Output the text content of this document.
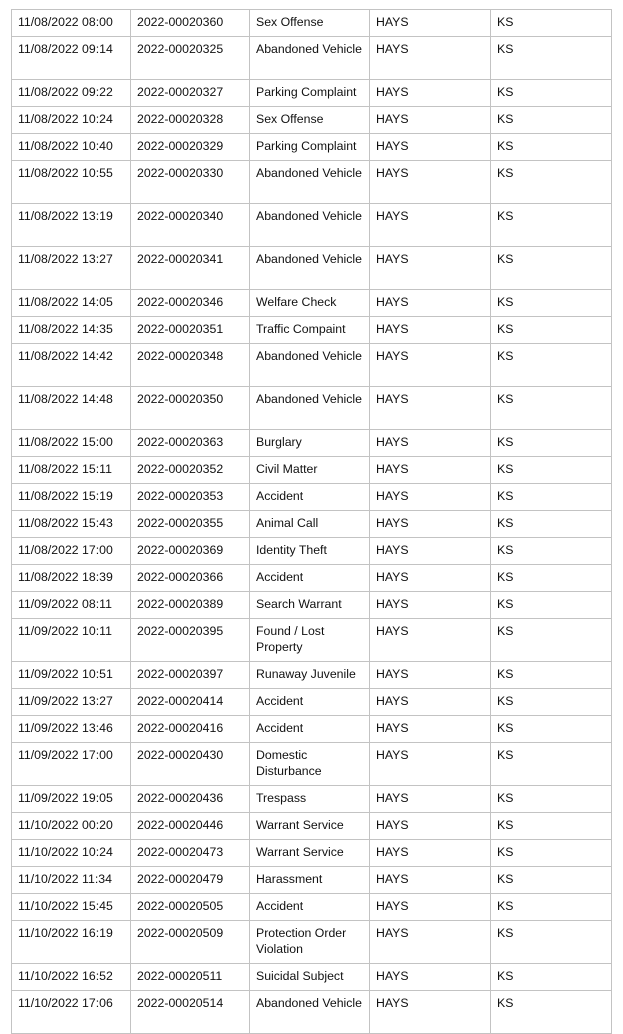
11/08/2022 08:00	2022-00020360	Sex Offense	HAYS	KS
11/08/2022 09:14	2022-00020325	Abandoned Vehicle	HAYS	KS
11/08/2022 09:22	2022-00020327	Parking Complaint	HAYS	KS
11/08/2022 10:24	2022-00020328	Sex Offense	HAYS	KS
11/08/2022 10:40	2022-00020329	Parking Complaint	HAYS	KS
11/08/2022 10:55	2022-00020330	Abandoned Vehicle	HAYS	KS
11/08/2022 13:19	2022-00020340	Abandoned Vehicle	HAYS	KS
11/08/2022 13:27	2022-00020341	Abandoned Vehicle	HAYS	KS
11/08/2022 14:05	2022-00020346	Welfare Check	HAYS	KS
11/08/2022 14:35	2022-00020351	Traffic Compaint	HAYS	KS
11/08/2022 14:42	2022-00020348	Abandoned Vehicle	HAYS	KS
11/08/2022 14:48	2022-00020350	Abandoned Vehicle	HAYS	KS
11/08/2022 15:00	2022-00020363	Burglary	HAYS	KS
11/08/2022 15:11	2022-00020352	Civil Matter	HAYS	KS
11/08/2022 15:19	2022-00020353	Accident	HAYS	KS
11/08/2022 15:43	2022-00020355	Animal Call	HAYS	KS
11/08/2022 17:00	2022-00020369	Identity Theft	HAYS	KS
11/08/2022 18:39	2022-00020366	Accident	HAYS	KS
11/09/2022 08:11	2022-00020389	Search Warrant	HAYS	KS
11/09/2022 10:11	2022-00020395	Found / Lost Property	HAYS	KS
11/09/2022 10:51	2022-00020397	Runaway Juvenile	HAYS	KS
11/09/2022 13:27	2022-00020414	Accident	HAYS	KS
11/09/2022 13:46	2022-00020416	Accident	HAYS	KS
11/09/2022 17:00	2022-00020430	Domestic Disturbance	HAYS	KS
11/09/2022 19:05	2022-00020436	Trespass	HAYS	KS
11/10/2022 00:20	2022-00020446	Warrant Service	HAYS	KS
11/10/2022 10:24	2022-00020473	Warrant Service	HAYS	KS
11/10/2022 11:34	2022-00020479	Harassment	HAYS	KS
11/10/2022 15:45	2022-00020505	Accident	HAYS	KS
11/10/2022 16:19	2022-00020509	Protection Order Violation	HAYS	KS
11/10/2022 16:52	2022-00020511	Suicidal Subject	HAYS	KS
11/10/2022 17:06	2022-00020514	Abandoned Vehicle	HAYS	KS
